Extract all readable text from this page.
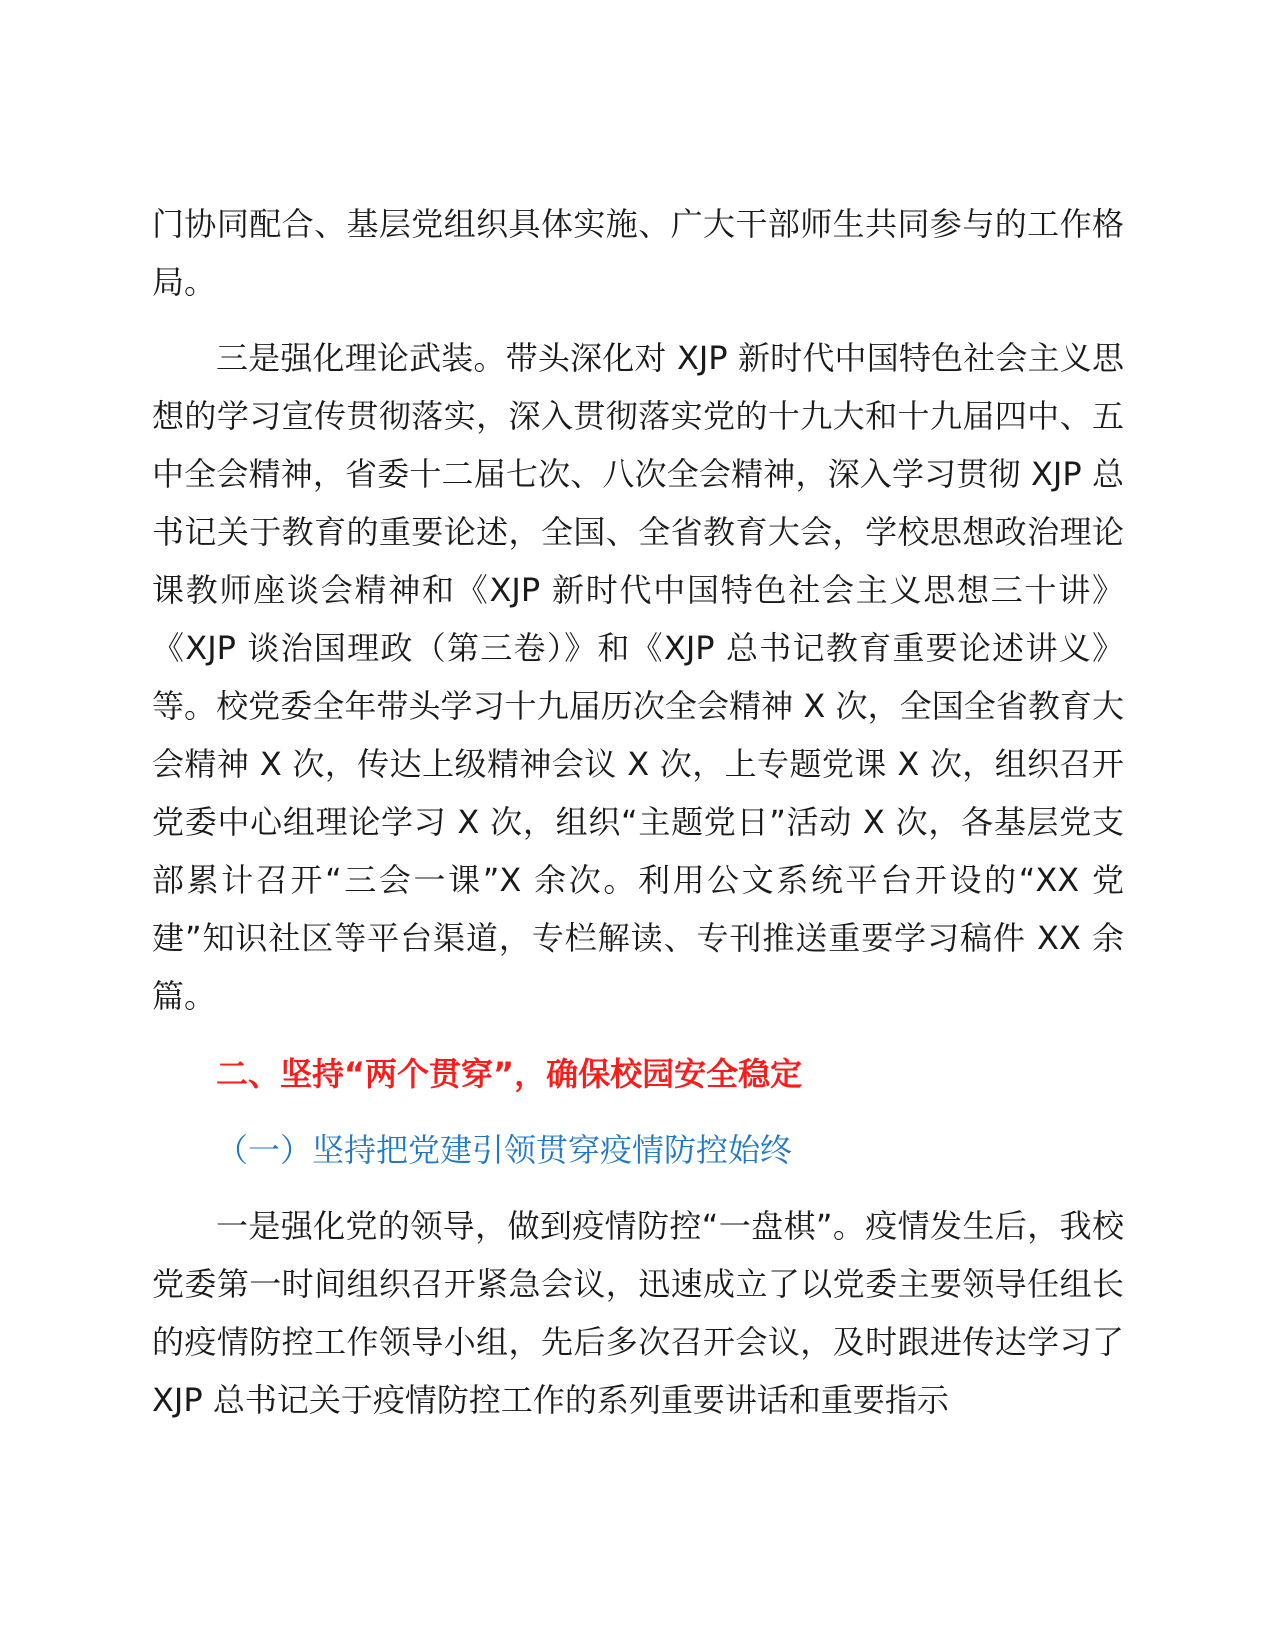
门协同配合、基层党组织具体实施、广大干部师生共同参与的工作格局。

三是强化理论武装。带头深化对 XJP 新时代中国特色社会主义思想的学习宣传贯彻落实，深入贯彻落实党的十九大和十九届四中、五中全会精神，省委十二届七次、八次全会精神，深入学习贯彻 XJP 总书记关于教育的重要论述，全国、全省教育大会，学校思想政治理论课教师座谈会精神和《XJP 新时代中国特色社会主义思想三十讲》《XJP 谈治国理政（第三卷）》和《XJP 总书记教育重要论述讲义》等。校党委全年带头学习十九届历次全会精神 X 次，全国全省教育大会精神 X 次，传达上级精神会议 X 次，上专题党课 X 次，组织召开党委中心组理论学习 X 次，组织“主题党日”活动 X 次，各基层党支部累计召开“三会一课”X 余次。利用公文系统平台开设的“XX 党建”知识社区等平台渠道，专栏解读、专刊推送重要学习稿件 XX 余篇。

二、坚持“两个贯穿”，确保校园安全稳定

（一）坚持把党建引领贯穿疫情防控始终

一是强化党的领导，做到疫情防控“一盘棋”。疫情发生后，我校党委第一时间组织召开紧急会议，迅速成立了以党委主要领导任组长的疫情防控工作领导小组，先后多次召开会议，及时跟进传达学习了 XJP 总书记关于疫情防控工作的系列重要讲话和重要指示
